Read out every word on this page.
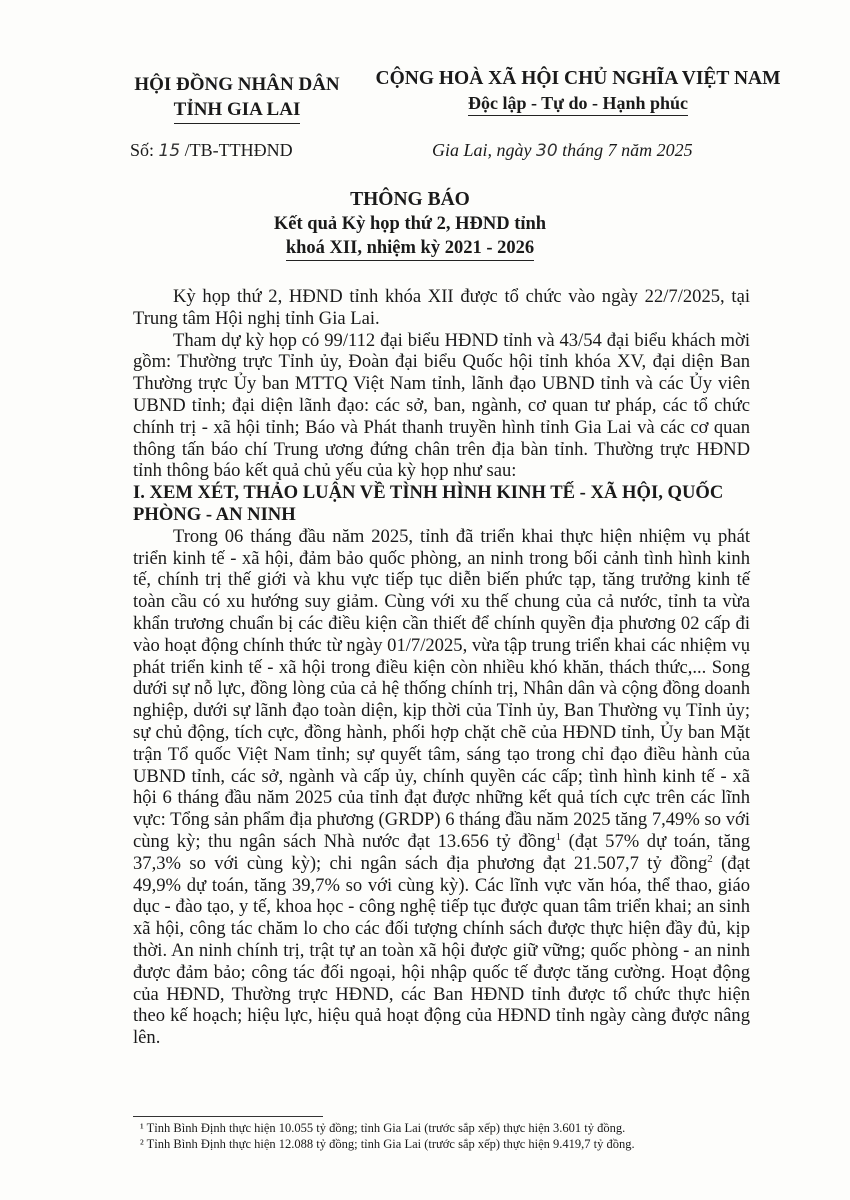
HỘI ĐỒNG NHÂN DÂN
TỈNH GIA LAI
CỘNG HOÀ XÃ HỘI CHỦ NGHĨA VIỆT NAM
Độc lập - Tự do - Hạnh phúc
Số: 15 /TB-TTHĐND	Gia Lai, ngày 30 tháng 7 năm 2025
THÔNG BÁO
Kết quả Kỳ họp thứ 2, HĐND tỉnh
khoá XII, nhiệm kỳ 2021 - 2026

Kỳ họp thứ 2, HĐND tỉnh khóa XII được tổ chức vào ngày 22/7/2025, tại Trung tâm Hội nghị tỉnh Gia Lai.

Tham dự kỳ họp có 99/112 đại biểu HĐND tỉnh và 43/54 đại biểu khách mời gồm: Thường trực Tỉnh ủy, Đoàn đại biểu Quốc hội tỉnh khóa XV, đại diện Ban Thường trực Ủy ban MTTQ Việt Nam tỉnh, lãnh đạo UBND tỉnh và các Ủy viên UBND tỉnh; đại diện lãnh đạo: các sở, ban, ngành, cơ quan tư pháp, các tổ chức chính trị - xã hội tỉnh; Báo và Phát thanh truyền hình tỉnh Gia Lai và các cơ quan thông tấn báo chí Trung ương đứng chân trên địa bàn tỉnh. Thường trực HĐND tỉnh thông báo kết quả chủ yếu của kỳ họp như sau:

I. XEM XÉT, THẢO LUẬN VỀ TÌNH HÌNH KINH TẾ - XÃ HỘI, QUỐC PHÒNG - AN NINH

Trong 06 tháng đầu năm 2025, tỉnh đã triển khai thực hiện nhiệm vụ phát triển kinh tế - xã hội, đảm bảo quốc phòng, an ninh trong bối cảnh tình hình kinh tế, chính trị thế giới và khu vực tiếp tục diễn biến phức tạp, tăng trưởng kinh tế toàn cầu có xu hướng suy giảm. Cùng với xu thế chung của cả nước, tỉnh ta vừa khẩn trương chuẩn bị các điều kiện cần thiết để chính quyền địa phương 02 cấp đi vào hoạt động chính thức từ ngày 01/7/2025, vừa tập trung triển khai các nhiệm vụ phát triển kinh tế - xã hội trong điều kiện còn nhiều khó khăn, thách thức,... Song dưới sự nỗ lực, đồng lòng của cả hệ thống chính trị, Nhân dân và cộng đồng doanh nghiệp, dưới sự lãnh đạo toàn diện, kịp thời của Tỉnh ủy, Ban Thường vụ Tỉnh ủy; sự chủ động, tích cực, đồng hành, phối hợp chặt chẽ của HĐND tỉnh, Ủy ban Mặt trận Tổ quốc Việt Nam tỉnh; sự quyết tâm, sáng tạo trong chỉ đạo điều hành của UBND tỉnh, các sở, ngành và cấp ủy, chính quyền các cấp; tình hình kinh tế - xã hội 6 tháng đầu năm 2025 của tỉnh đạt được những kết quả tích cực trên các lĩnh vực: Tổng sản phẩm địa phương (GRDP) 6 tháng đầu năm 2025 tăng 7,49% so với cùng kỳ; thu ngân sách Nhà nước đạt 13.656 tỷ đồng$^1$ (đạt 57% dự toán, tăng 37,3% so với cùng kỳ); chi ngân sách địa phương đạt 21.507,7 tỷ đồng$^2$ (đạt 49,9% dự toán, tăng 39,7% so với cùng kỳ). Các lĩnh vực văn hóa, thể thao, giáo dục - đào tạo, y tế, khoa học - công nghệ tiếp tục được quan tâm triển khai; an sinh xã hội, công tác chăm lo cho các đối tượng chính sách được thực hiện đầy đủ, kịp thời. An ninh chính trị, trật tự an toàn xã hội được giữ vững; quốc phòng - an ninh được đảm bảo; công tác đối ngoại, hội nhập quốc tế được tăng cường. Hoạt động của HĐND, Thường trực HĐND, các Ban HĐND tỉnh được tổ chức thực hiện theo kế hoạch; hiệu lực, hiệu quả hoạt động của HĐND tỉnh ngày càng được nâng lên.

¹ Tỉnh Bình Định thực hiện 10.055 tỷ đồng; tỉnh Gia Lai (trước sắp xếp) thực hiện 3.601 tỷ đồng.
² Tỉnh Bình Định thực hiện 12.088 tỷ đồng; tỉnh Gia Lai (trước sắp xếp) thực hiện 9.419,7 tỷ đồng.
